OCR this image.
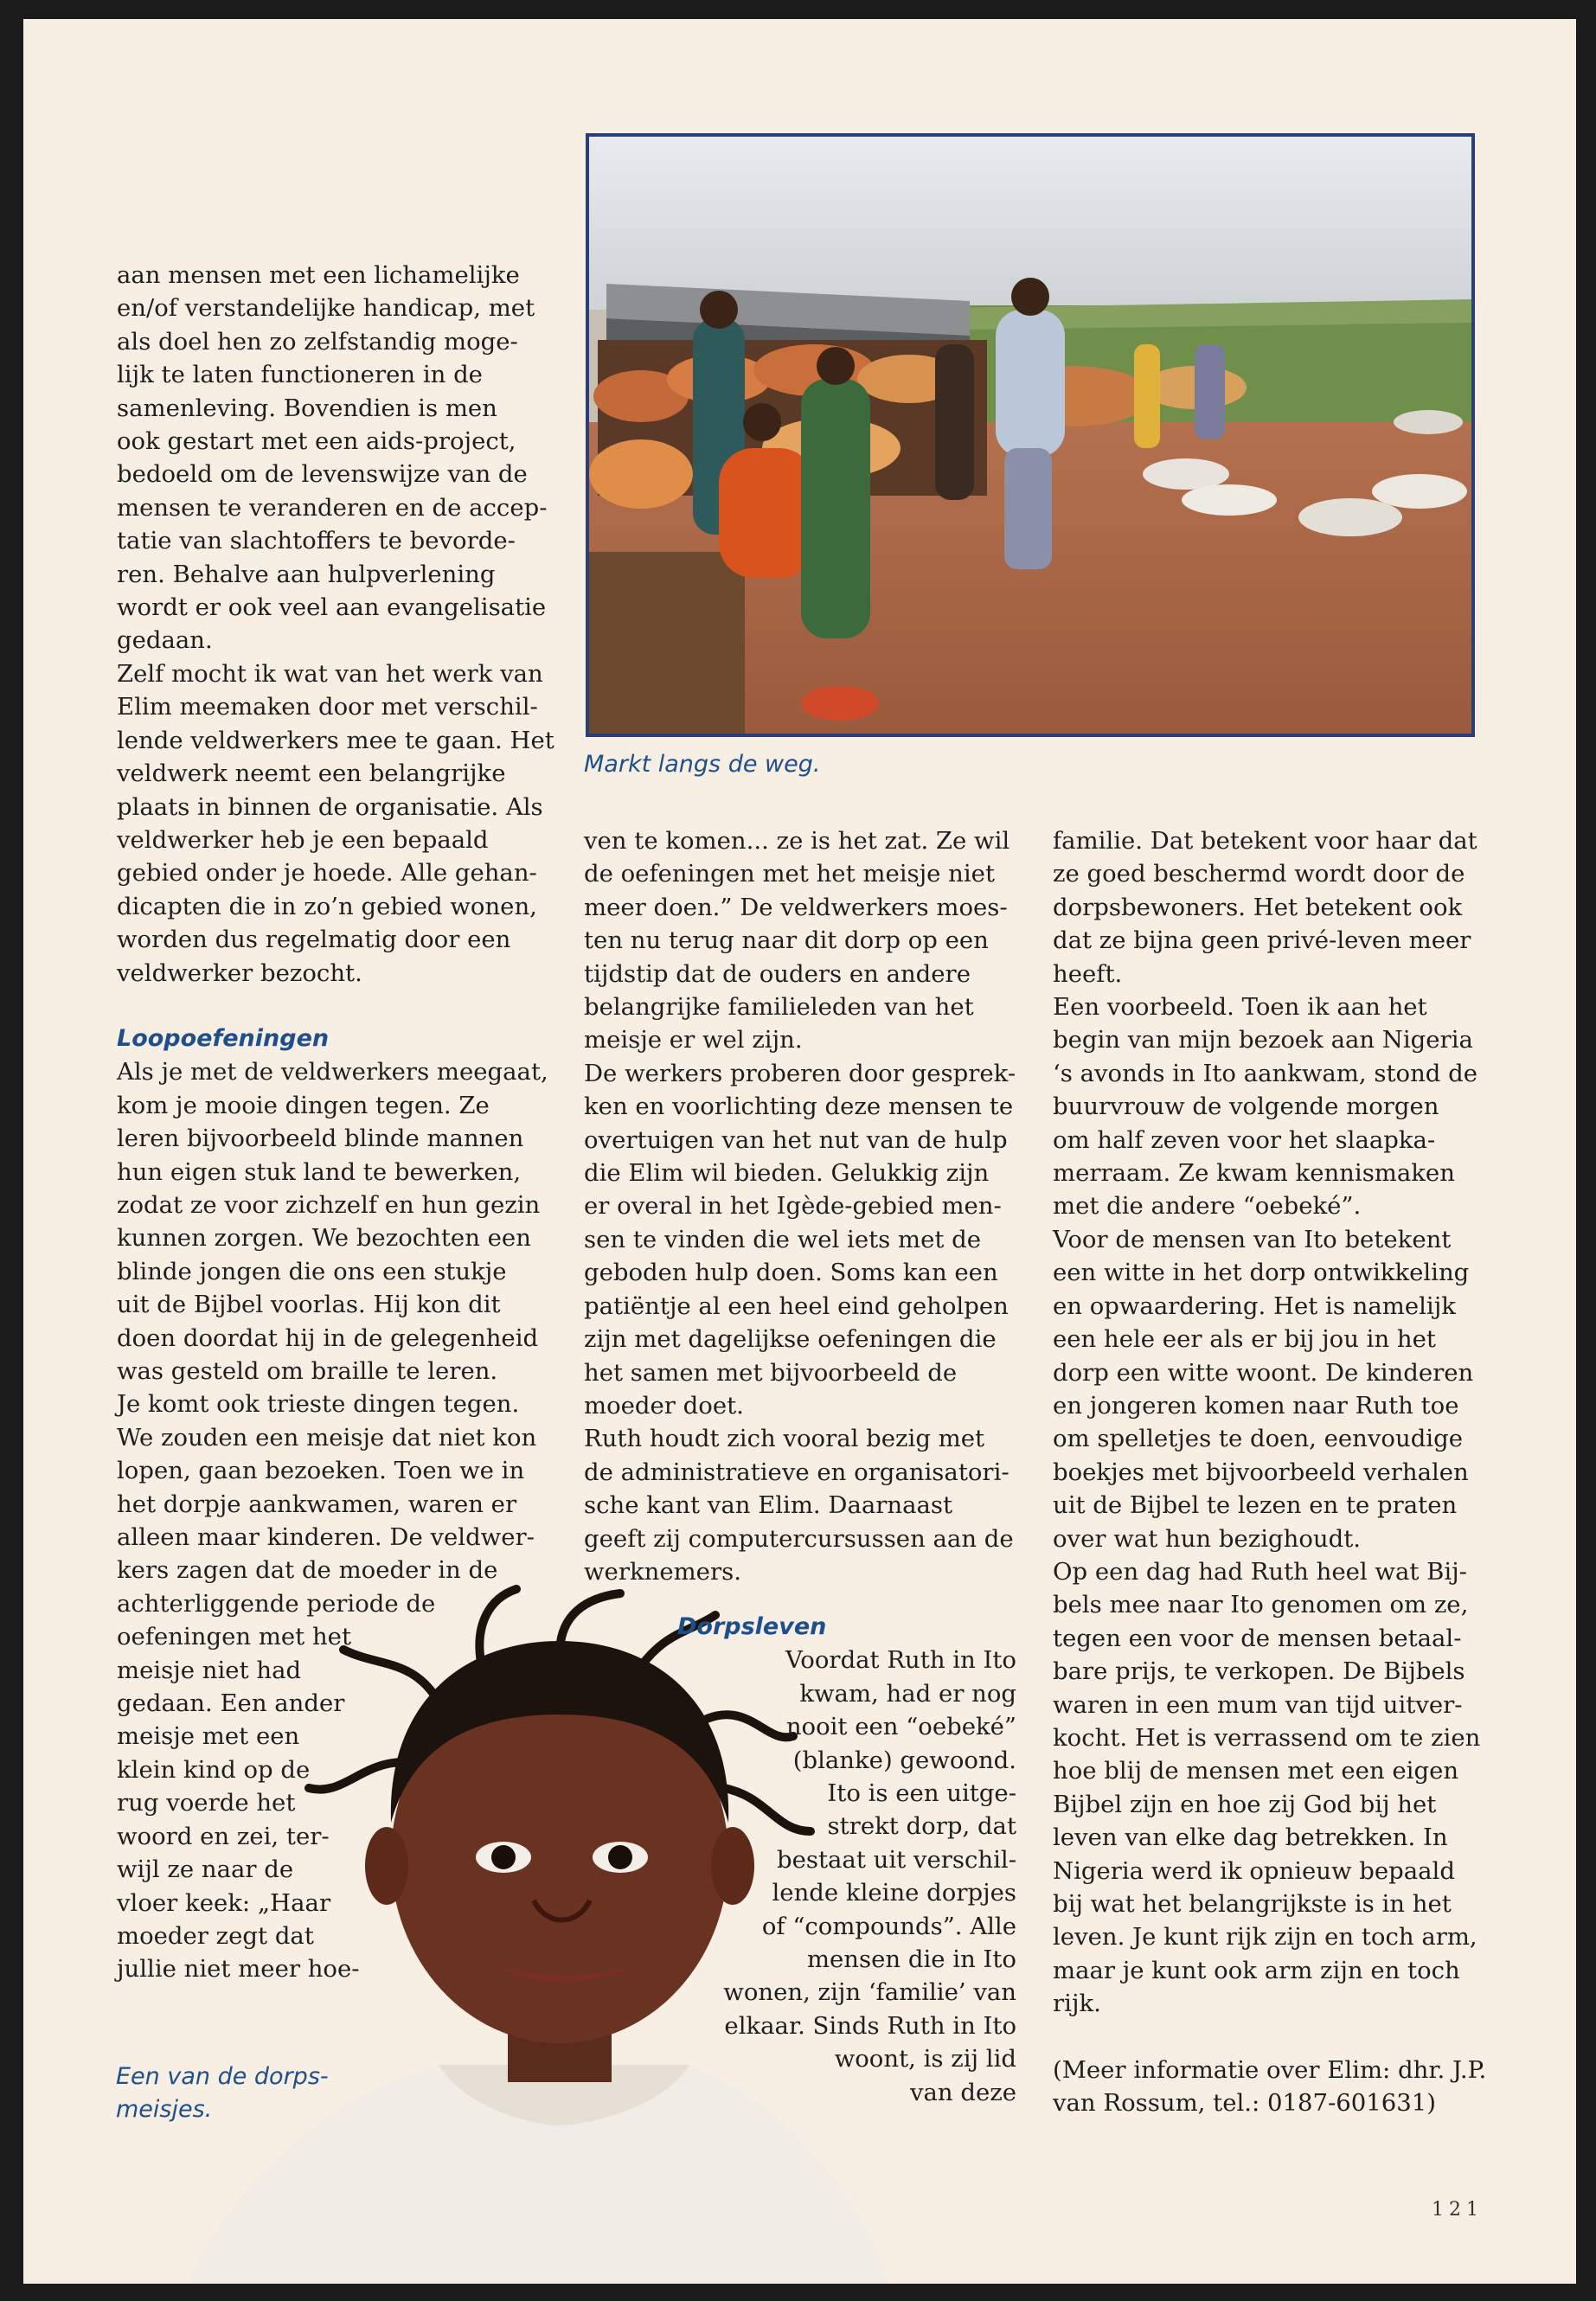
Markt langs de weg.
Een van de dorps-
meisjes.

aan mensen met een lichamelijke
en/of verstandelijke handicap, met
als doel hen zo zelfstandig moge-
lijk te laten functioneren in de
samenleving. Bovendien is men
ook gestart met een aids-project,
bedoeld om de levenswijze van de
mensen te veranderen en de accep-
tatie van slachtoffers te bevorde-
ren. Behalve aan hulpverlening
wordt er ook veel aan evangelisatie
gedaan.

Zelf mocht ik wat van het werk van
Elim meemaken door met verschil-
lende veldwerkers mee te gaan. Het
veldwerk neemt een belangrijke
plaats in binnen de organisatie. Als
veldwerker heb je een bepaald
gebied onder je hoede. Alle gehan-
dicapten die in zo’n gebied wonen,
worden dus regelmatig door een
veldwerker bezocht.

Loopoefeningen

Als je met de veldwerkers meegaat,
kom je mooie dingen tegen. Ze
leren bijvoorbeeld blinde mannen
hun eigen stuk land te bewerken,
zodat ze voor zichzelf en hun gezin
kunnen zorgen. We bezochten een
blinde jongen die ons een stukje
uit de Bijbel voorlas. Hij kon dit
doen doordat hij in de gelegenheid
was gesteld om braille te leren.

Je komt ook trieste dingen tegen.
We zouden een meisje dat niet kon
lopen, gaan bezoeken. Toen we in
het dorpje aankwamen, waren er
alleen maar kinderen. De veldwer-
kers zagen dat de moeder in de
achterliggende periode de
oefeningen met het
meisje niet had
gedaan. Een ander
meisje met een
klein kind op de
rug voerde het
woord en zei, ter-
wijl ze naar de
vloer keek: „Haar
moeder zegt dat
jullie niet meer hoe-

ven te komen... ze is het zat. Ze wil
de oefeningen met het meisje niet
meer doen.” De veldwerkers moes-
ten nu terug naar dit dorp op een
tijdstip dat de ouders en andere
belangrijke familieleden van het
meisje er wel zijn.

De werkers proberen door gesprek-
ken en voorlichting deze mensen te
overtuigen van het nut van de hulp
die Elim wil bieden. Gelukkig zijn
er overal in het Igède-gebied men-
sen te vinden die wel iets met de
geboden hulp doen. Soms kan een
patiëntje al een heel eind geholpen
zijn met dagelijkse oefeningen die
het samen met bijvoorbeeld de
moeder doet.

Ruth houdt zich vooral bezig met
de administratieve en organisatori-
sche kant van Elim. Daarnaast
geeft zij computercursussen aan de
werknemers.

Dorpsleven

Voordat Ruth in Ito
kwam, had er nog
nooit een “oebeké”
(blanke) gewoond.
Ito is een uitge-
strekt dorp, dat
bestaat uit verschil-
lende kleine dorpjes
of “compounds”. Alle
mensen die in Ito
wonen, zijn ‘familie’ van
elkaar. Sinds Ruth in Ito
woont, is zij lid
van deze

familie. Dat betekent voor haar dat
ze goed beschermd wordt door de
dorpsbewoners. Het betekent ook
dat ze bijna geen privé-leven meer
heeft.

Een voorbeeld. Toen ik aan het
begin van mijn bezoek aan Nigeria
‘s avonds in Ito aankwam, stond de
buurvrouw de volgende morgen
om half zeven voor het slaapka-
merraam. Ze kwam kennismaken
met die andere “oebeké”.

Voor de mensen van Ito betekent
een witte in het dorp ontwikkeling
en opwaardering. Het is namelijk
een hele eer als er bij jou in het
dorp een witte woont. De kinderen
en jongeren komen naar Ruth toe
om spelletjes te doen, eenvoudige
boekjes met bijvoorbeeld verhalen
uit de Bijbel te lezen en te praten
over wat hun bezighoudt.

Op een dag had Ruth heel wat Bij-
bels mee naar Ito genomen om ze,
tegen een voor de mensen betaal-
bare prijs, te verkopen. De Bijbels
waren in een mum van tijd uitver-
kocht. Het is verrassend om te zien
hoe blij de mensen met een eigen
Bijbel zijn en hoe zij God bij het
leven van elke dag betrekken. In
Nigeria werd ik opnieuw bepaald
bij wat het belangrijkste is in het
leven. Je kunt rijk zijn en toch arm,
maar je kunt ook arm zijn en toch
rijk.

(Meer informatie over Elim: dhr. J.P.
van Rossum, tel.: 0187-601631)

121
